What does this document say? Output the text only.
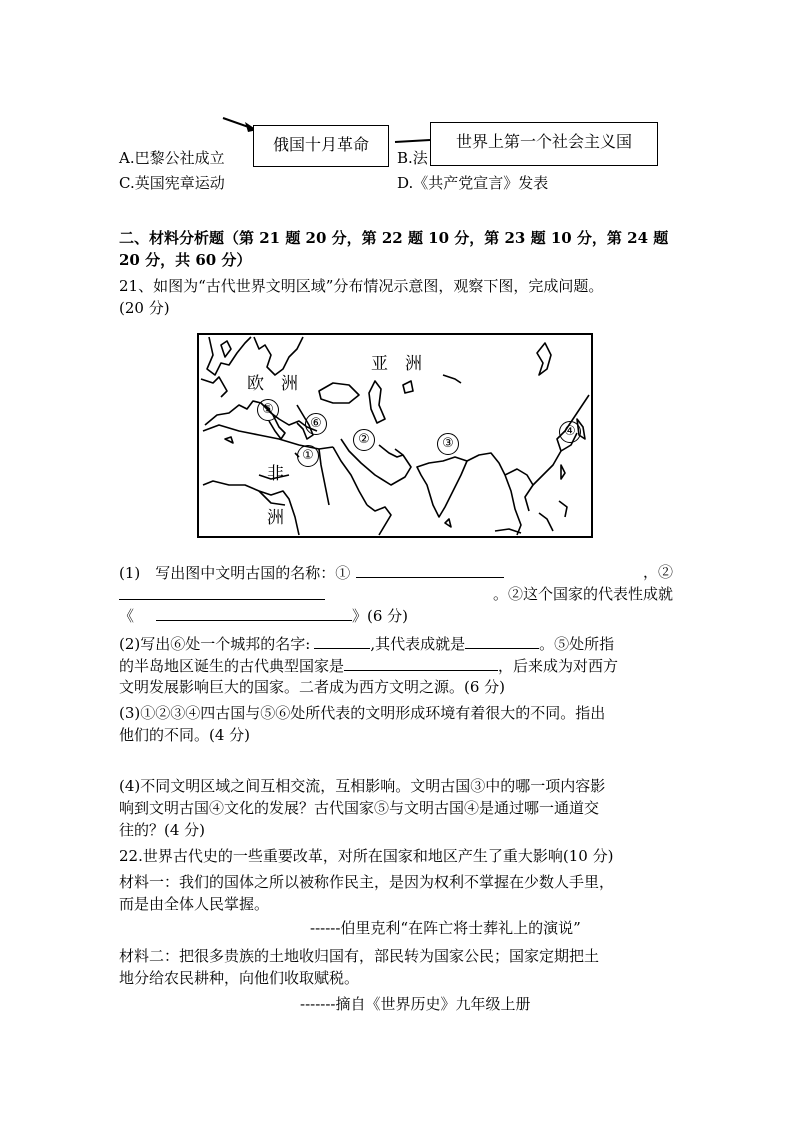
俄国十月革命	世界上第一个社会主义国
A.巴黎公社成立	B.法
C.英国宪章运动	D.《共产党宣言》发表
二、材料分析题（第 21 题 20 分，第 22 题 10 分，第 23 题 10 分，第 24 题
20 分，共 60 分）
21、如图为“古代世界文明区域”分布情况示意图，观察下图，完成问题。
(20 分)
亚　洲
欧　洲
非
洲
①
②	③
④
⑤
⑥
(1)　写出图中文明古国的名称：①	，②
。②这个国家的代表性成就
《	》(6 分)
(2)写出⑥处一个城邦的名字:	,其代表成就是	。⑤处所指
的半岛地区诞生的古代典型国家是	，后来成为对西方
文明发展影响巨大的国家。二者成为西方文明之源。(6 分)
(3)①②③④四古国与⑤⑥处所代表的文明形成环境有着很大的不同。指出
他们的不同。(4 分)
(4)不同文明区域之间互相交流，互相影响。文明古国③中的哪一项内容影
响到文明古国④文化的发展？古代国家⑤与文明古国④是通过哪一通道交
往的？(4 分)
22.世界古代史的一些重要改革，对所在国家和地区产生了重大影响(10 分)
材料一：我们的国体之所以被称作民主，是因为权利不掌握在少数人手里，
而是由全体人民掌握。
------伯里克利“在阵亡将士葬礼上的演说”
材料二：把很多贵族的土地收归国有，部民转为国家公民；国家定期把土
地分给农民耕种，向他们收取赋税。
-------摘自《世界历史》九年级上册
